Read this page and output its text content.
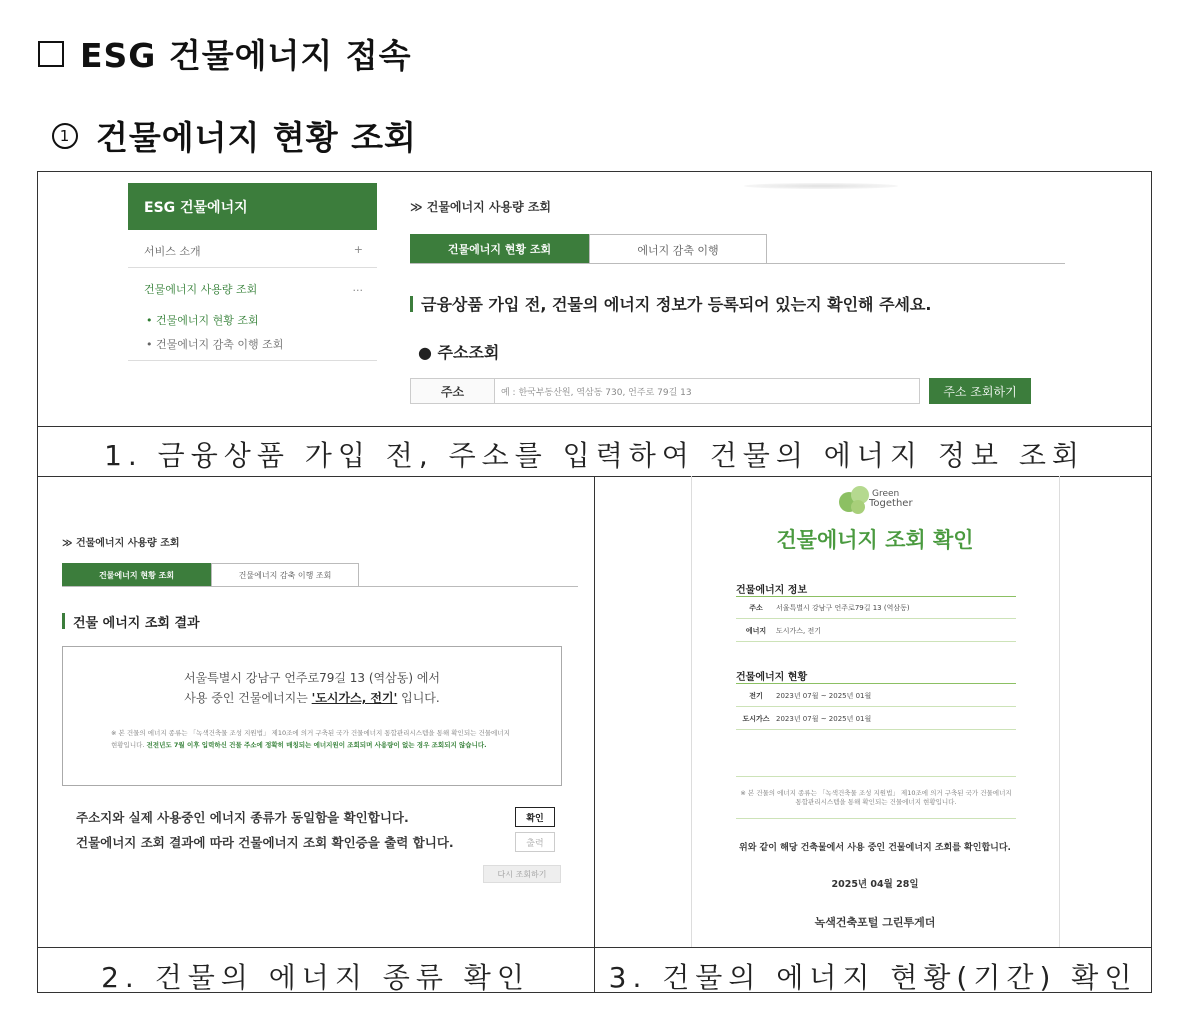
ESG 건물에너지 접속
1 건물에너지 현황 조회
ESG 건물에너지
서비스 소개	+
건물에너지 사용량 조회	...
• 건물에너지 현황 조회
• 건물에너지 감축 이행 조회
≫ 건물에너지 사용량 조회
건물에너지 현황 조회	에너지 감축 이행
금융상품 가입 전, 건물의 에너지 정보가 등록되어 있는지 확인해 주세요.
● 주소조회
주소	예 : 한국부동산원, 역삼동 730, 언주로 79길 13	주소 조회하기
1. 금융상품 가입 전, 주소를 입력하여 건물의 에너지 정보 조회
≫ 건물에너지 사용량 조회
건물에너지 현황 조회	건물에너지 감축 이행 조회
건물 에너지 조회 결과
서울특별시 강남구 언주로79길 13 (역삼동) 에서
사용 중인 건물에너지는 '도시가스, 전기' 입니다.
※ 본 건물의 에너지 종류는 「녹색건축물 조성 지원법」 제10조에 의거 구축된 국가 건물에너지 통합관리시스템을 통해 확인되는 건물에너지 현황입니다. 전전년도 7월 이후 입력하신 건물 주소에 정확히 매칭되는 에너지원이 조회되며 사용량이 없는 경우 조회되지 않습니다.
주소지와 실제 사용중인 에너지 종류가 동일함을 확인합니다.	확인
건물에너지 조회 결과에 따라 건물에너지 조회 확인증을 출력 합니다.	출력
다시 조회하기
2. 건물의 에너지 종류 확인
Green
Together
건물에너지 조회 확인
건물에너지 정보
주소	서울특별시 강남구 언주로79길 13 (역삼동)
에너지	도시가스, 전기
건물에너지 현황
전기	2023년 07월 ~ 2025년 01월
도시가스 2023년 07월 ~ 2025년 01월
※ 본 건물의 에너지 종류는 「녹색건축물 조성 지원법」 제10조에 의거 구축된 국가 건물에너지 통합관리시스템을 통해 확인되는 건물에너지 현황입니다.
위와 같이 해당 건축물에서 사용 중인 건물에너지 조회를 확인합니다.
2025년 04월 28일
녹색건축포털 그린투게더
3. 건물의 에너지 현황(기간) 확인
